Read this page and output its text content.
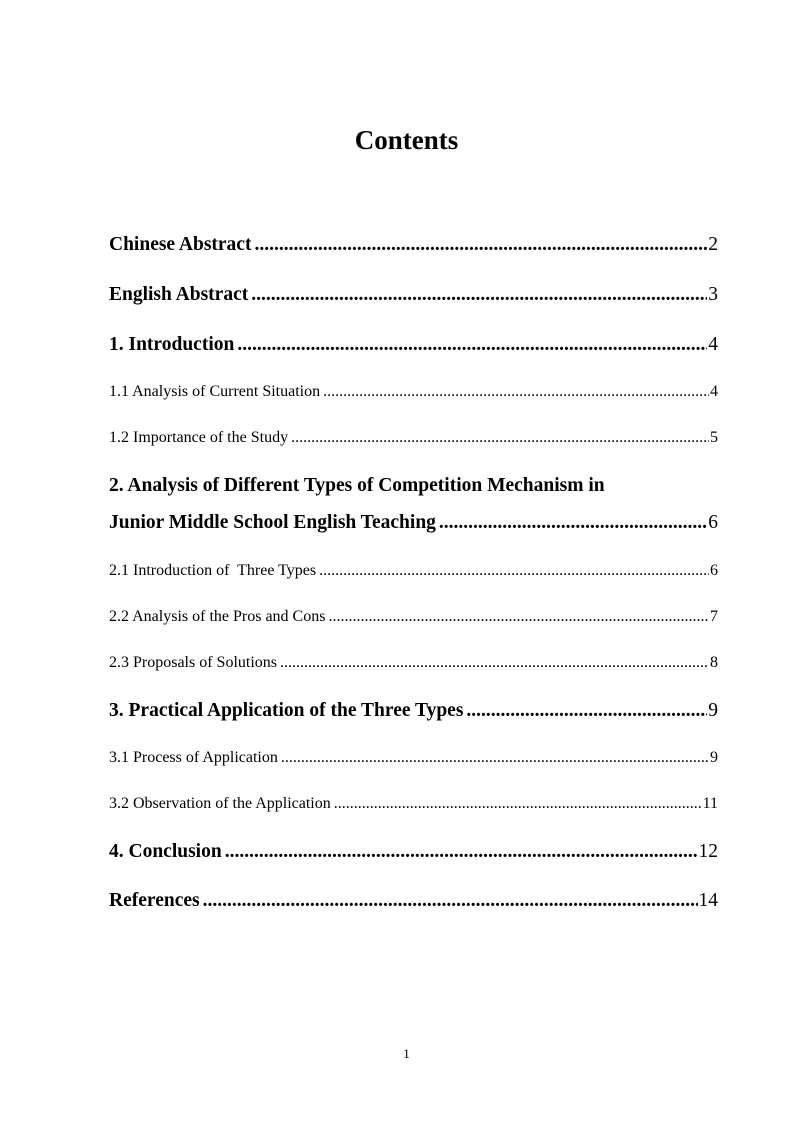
Contents
Chinese Abstract .....	2
English Abstract .....	3
1. Introduction .....	4
1.1 Analysis of Current Situation .....	4
1.2 Importance of the Study .....	5
2. Analysis of Different Types of Competition Mechanism in
Junior Middle School English Teaching .....	6
2.1 Introduction of  Three Types .....	6
2.2 Analysis of the Pros and Cons .....	7
2.3 Proposals of Solutions .....	8
3. Practical Application of the Three Types .....	9
3.1 Process of Application .....	9
3.2 Observation of the Application .....	11
4. Conclusion .....	12
References .....	14
1
